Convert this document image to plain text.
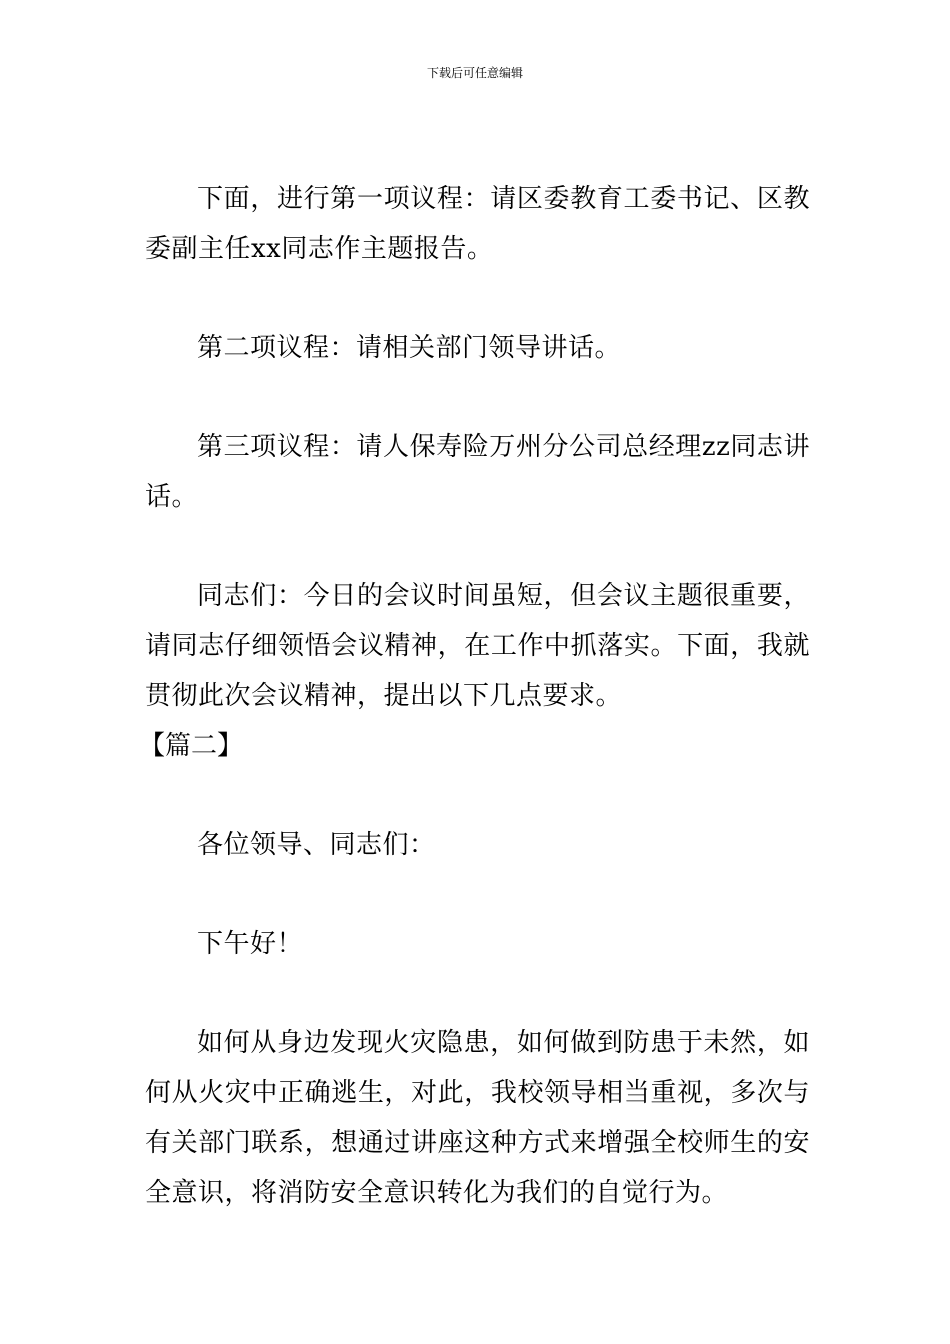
下载后可任意编辑

下面，进行第一项议程：请区委教育工委书记、区教委副主任xx同志作主题报告。

第二项议程：请相关部门领导讲话。

第三项议程：请人保寿险万州分公司总经理zz同志讲话。

同志们：今日的会议时间虽短，但会议主题很重要，请同志仔细领悟会议精神，在工作中抓落实。下面，我就贯彻此次会议精神，提出以下几点要求。

【篇二】

各位领导、同志们：

下午好！

如何从身边发现火灾隐患，如何做到防患于未然，如何从火灾中正确逃生，对此，我校领导相当重视，多次与有关部门联系，想通过讲座这种方式来增强全校师生的安全意识，将消防安全意识转化为我们的自觉行为。
